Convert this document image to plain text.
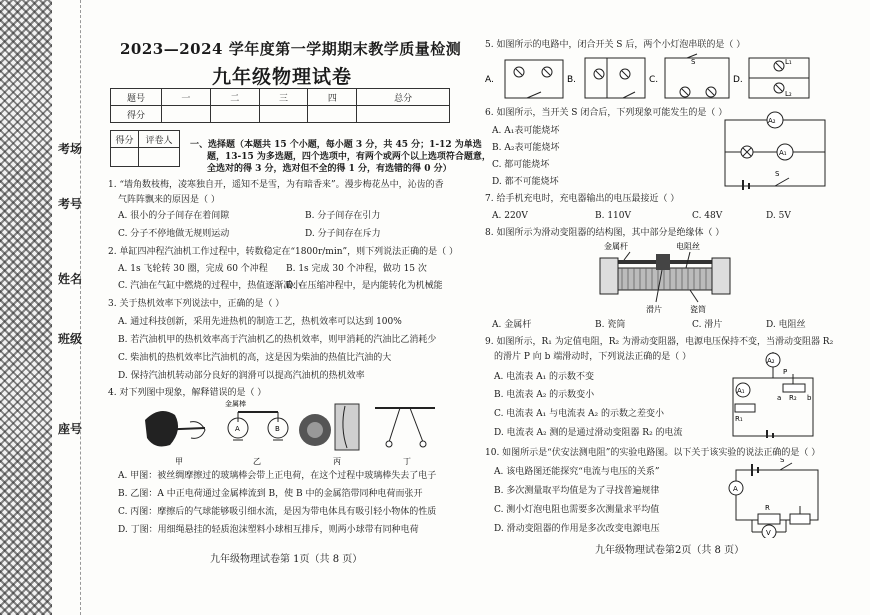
考场
考号
姓名
班级
座号
2023—2024 学年度第一学期期末教学质量检测
九年级物理试卷
题号	一	二	三	四	总分
得分					
得分	评卷人
	一、选择题（本题共 15 个小题，每小题 3 分，共 45 分；1-12 为单选
题，13-15 为多选题，四个选项中，有两个或两个以上选项符合题意，
全选对的得 3 分，选对但不全的得 1 分，有选错的得 0 分）
1. “墙角数枝梅，凌寒独自开，遥知不是雪，为有暗香来”。漫步梅花丛中，沁齿的香
气阵阵飘来的原因是（ ）
A. 很小的分子间存在着间隙	B. 分子间存在引力
C. 分子不停地做无规则运动	D. 分子间存在斥力
2. 单缸四冲程汽油机工作过程中，转数稳定在“1800r/min”，则下列说法正确的是（ ）
A. 1s 飞轮转 30 圈，完成 60 个冲程 B. 1s 完成 30 个冲程，做功 15 次
C. 汽油在气缸中燃烧的过程中，热值逐渐减小
D. 在压缩冲程中，是内能转化为机械能
3. 关于热机效率下列说法中，正确的是（ ）
A. 通过科技创新，采用先进热机的制造工艺，热机效率可以达到 100%
B. 若汽油机甲的热机效率高于汽油机乙的热机效率，则甲消耗的汽油比乙消耗少
C. 柴油机的热机效率比汽油机的高，这是因为柴油的热值比汽油的大
D. 保持汽油机转动部分良好的润滑可以提高汽油机的热机效率
4. 对下列图中现象，解释错误的是（ ）
金属棒
A	B
甲	乙	丙	丁
A. 甲图：被丝绸摩擦过的玻璃棒会带上正电荷，在这个过程中玻璃棒失去了电子
B. 乙图：A 中正电荷通过金属棒流到 B，使 B 中的金属箔带同种电荷而张开
C. 丙图：摩擦后的气球能够吸引细水流，是因为带电体具有吸引轻小物体的性质
D. 丁图：用细绳悬挂的轻质泡沫塑料小球相互排斥，则两小球带有同种电荷
九年级物理试卷第 1页（共 8 页）
5. 如图所示的电路中，闭合开关 S 后，两个小灯泡串联的是（ ）
A.	B.	C.
S
D.
L₁
L₂
6. 如图所示，当开关 S 闭合后，下列现象可能发生的是（ ）
A. A₁表可能烧坏
B. A₂表可能烧坏
C. 都可能烧坏
D. 都不可能烧坏
A₂
A₁
S
7. 给手机充电时，充电器输出的电压最接近（ ）
A. 220V	B. 110V	C. 48V	D. 5V
8. 如图所示为滑动变阻器的结构图，其中部分是绝缘体（ ）
金属杆	电阻丝
滑片	瓷筒
A. 金属杆	B. 瓷筒	C. 滑片	D. 电阻丝
9. 如图所示，R₁ 为定值电阻，R₂ 为滑动变阻器，电源电压保持不变，当滑动变阻器 R₂
的滑片 P 向 b 端滑动时，下列说法正确的是（ ）
A. 电流表 A₁ 的示数不变
B. 电流表 A₂ 的示数变小
C. 电流表 A₁ 与电流表 A₂ 的示数之差变小
D. 电流表 A₂ 测的是通过滑动变阻器 R₂ 的电流
A₂
P
a R₂ b
A₁
R₁
10. 如图所示是“伏安法测电阻”的实验电路图。以下关于该实验的说法正确的是（ ）
A. 该电路图还能探究“电流与电压的关系”
B. 多次测量取平均值是为了寻找普遍规律
C. 测小灯泡电阻也需要多次测量求平均值
D. 滑动变阻器的作用是多次改变电源电压
S
A
R
V
九年级物理试卷第2页（共 8 页）
